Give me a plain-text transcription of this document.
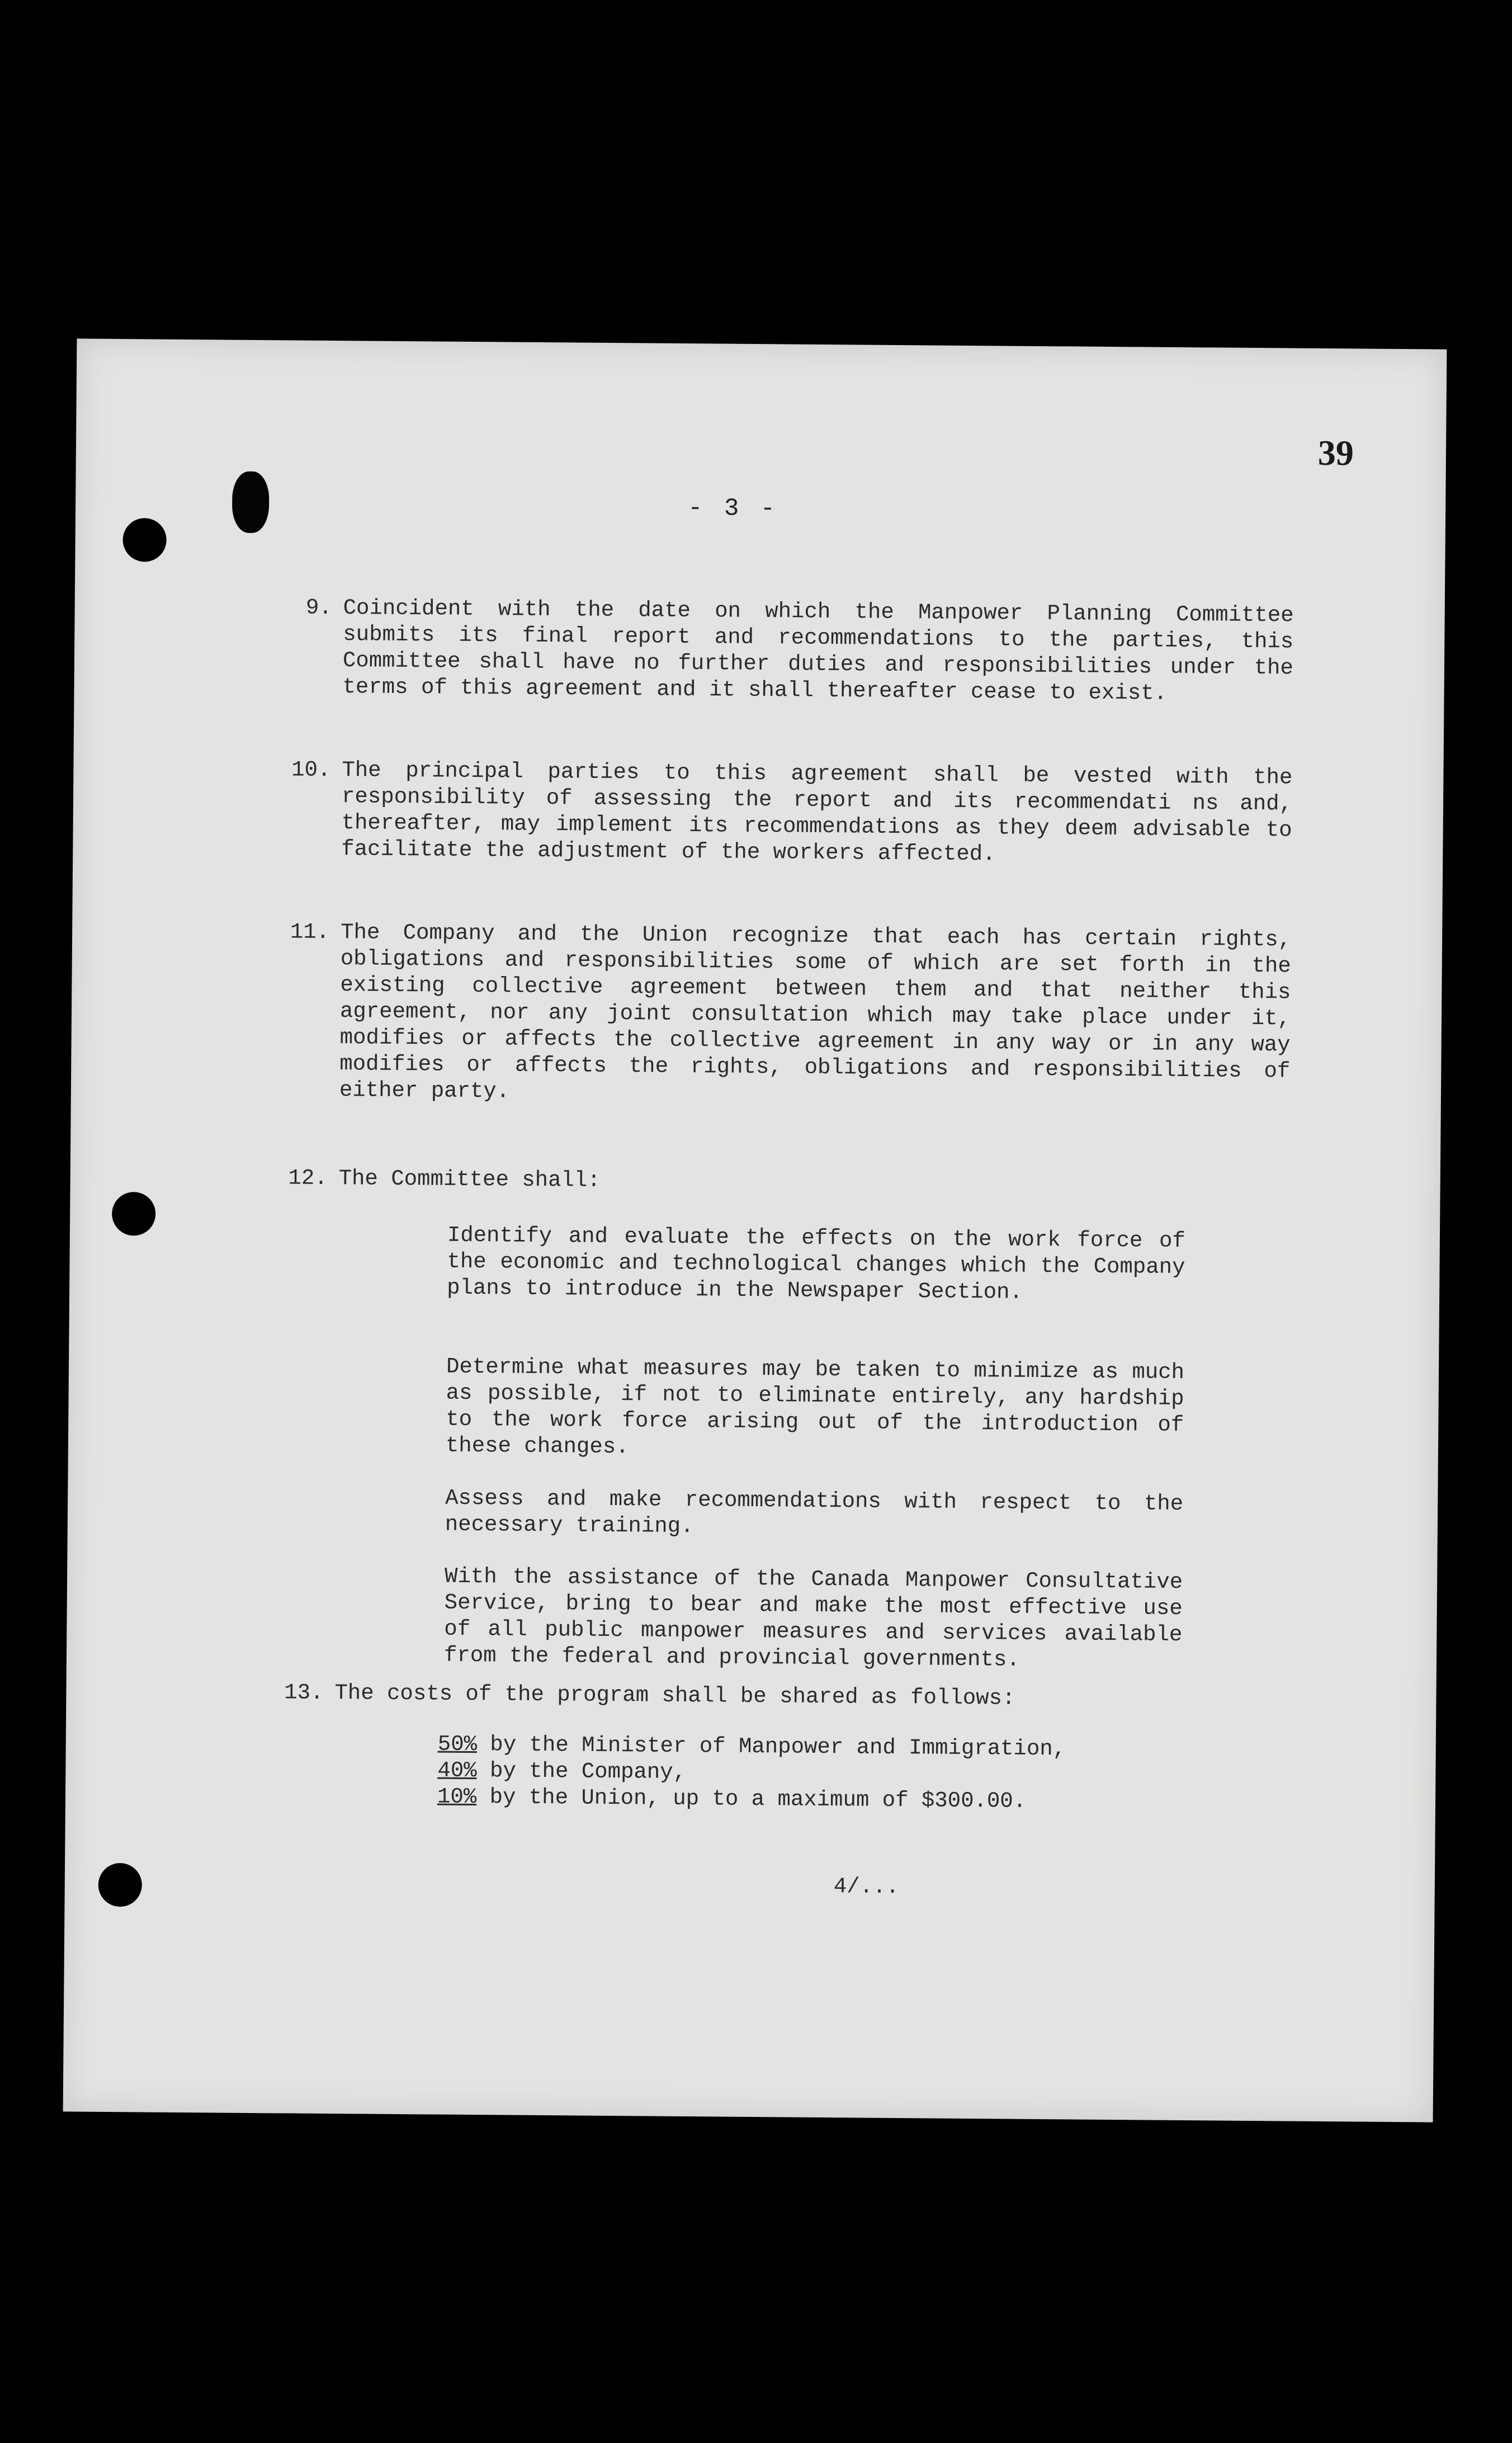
39
- 3 -
9. Coincident with the date on which the Manpower Planning Committee submits its final report and recommendations to the parties, this Committee shall have no further duties and responsibilities under the terms of this agreement and it shall thereafter cease to exist.
10. The principal parties to this agreement shall be vested with the responsibility of assessing the report and its recommendati ns and, thereafter, may implement its recommendations as they deem advisable to facilitate the adjustment of the workers affected.
11. The Company and the Union recognize that each has certain rights, obligations and responsibilities some of which are set forth in the existing collective agreement between them and that neither this agreement, nor any joint consultation which may take place under it, modifies or affects the collective agreement in any way or in any way modifies or affects the rights, obligations and responsibilities of either party.
12. The Committee shall:
Identify and evaluate the effects on the work force of the economic and technological changes which the Company plans to introduce in the Newspaper Section.
Determine what measures may be taken to minimize as much as possible, if not to eliminate entirely, any hardship to the work force arising out of the introduction of these changes.
Assess and make recommendations with respect to the necessary training.
With the assistance of the Canada Manpower Consultative Service, bring to bear and make the most effective use of all public manpower measures and services available from the federal and provincial governments.
13. The costs of the program shall be shared as follows:
50% by the Minister of Manpower and Immigration,
40% by the Company,
10% by the Union, up to a maximum of $300.00.
4/...
